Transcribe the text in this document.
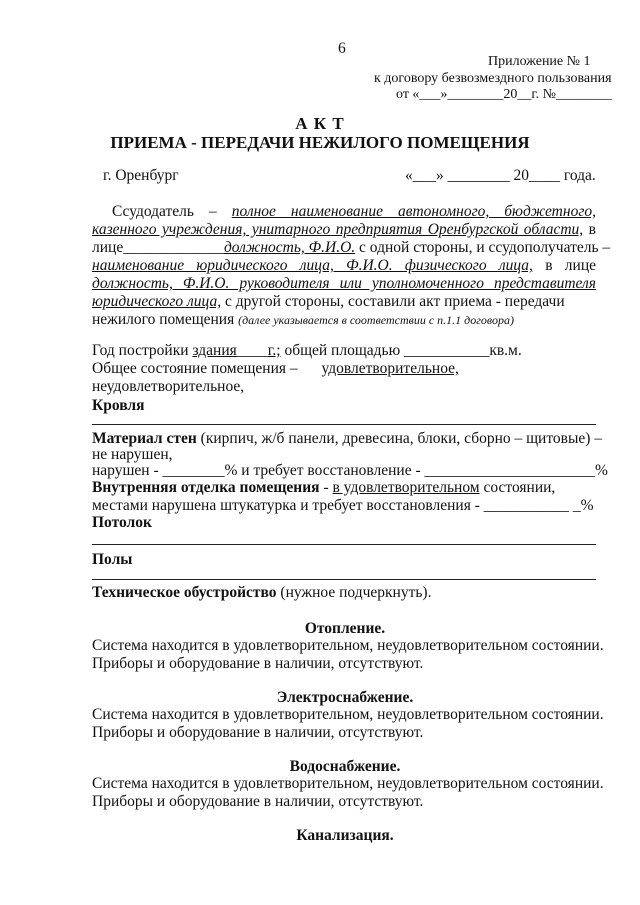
6
Приложение № 1
к договору безвозмездного пользования
от «___»________20__г. №________
А К Т
ПРИЕМА - ПЕРЕДАЧИ НЕЖИЛОГО ПОМЕЩЕНИЯ
г. Оренбург	«___» ________ 20____ года.
Ссудодатель – полное наименование автономного, бюджетного,
казенного учреждения, унитарного предприятия Оренбургской области, в
лице_____________должность, Ф.И.О. с одной стороны, и ссудополучатель –
наименование юридического лица, Ф.И.О. физического лица, в лице
должность, Ф.И.О. руководителя или уполномоченного представителя
юридического лица, с другой стороны, составили акт приема - передачи
нежилого помещения (далее указывается в соответствии с п.1.1 договора)
Год постройки здания____г.; общей площадью ___________кв.м.
Общее состояние помещения – удовлетворительное,
неудовлетворительное,
Кровля
Материал стен (кирпич, ж/б панели, древесина, блоки, сборно – щитовые) –
не нарушен,
нарушен - ________% и требует восстановление - ______________________%
Внутренняя отделка помещения - в удовлетворительном состоянии,
местами нарушена штукатурка и требует восстановления - ___________ _%
Потолок
Полы
Техническое обустройство (нужное подчеркнуть).
Отопление.
Система находится в удовлетворительном, неудовлетворительном состоянии.
Приборы и оборудование в наличии, отсутствуют.
Электроснабжение.
Система находится в удовлетворительном, неудовлетворительном состоянии.
Приборы и оборудование в наличии, отсутствуют.
Водоснабжение.
Система находится в удовлетворительном, неудовлетворительном состоянии.
Приборы и оборудование в наличии, отсутствуют.
Канализация.
